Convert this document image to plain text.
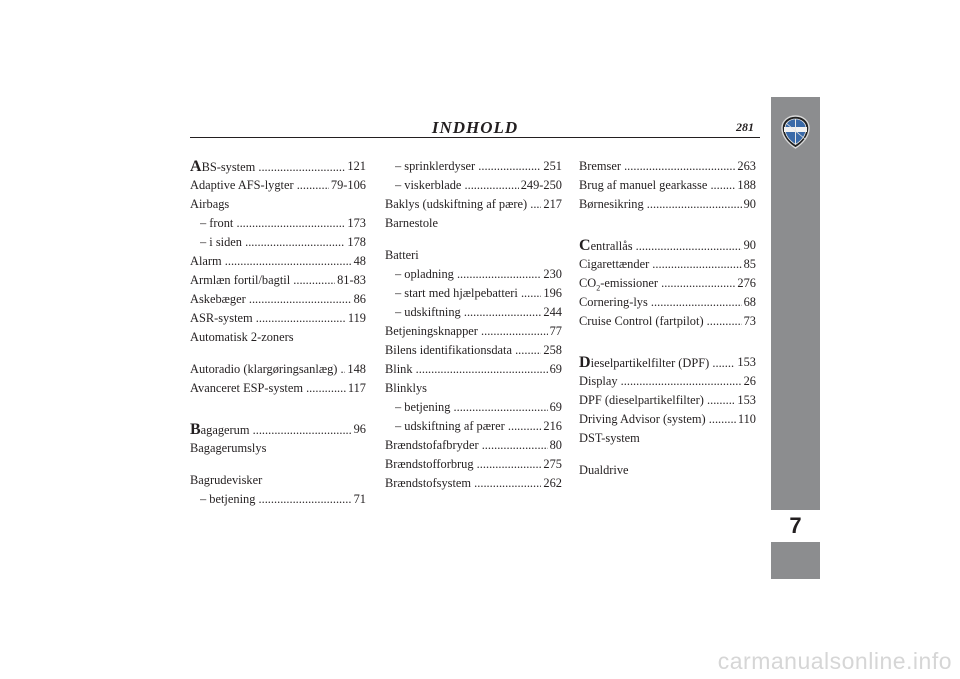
INDHOLD	281
ABS-system .....	121
Adaptive AFS-lygter .....	79-106
Airbags
– front .....	173
– i siden .....	178
Alarm .....	48
Armlæn fortil/bagtil .....	81-83
Askebæger .....	86
ASR-system .....	119
Automatisk 2-zoners
Autoradio (klargøringsanlæg) ..... 148
Avanceret ESP-system .....	117
Bagagerum .....	96
Bagagerumslys
Bagrudevisker
– betjening .....	71
– sprinklerdyser .....	251
– viskerblade .....	249-250
Baklys (udskiftning af pære) .....	217
Barnestole
Batteri
– opladning .....	230
– start med hjælpebatteri .....	196
– udskiftning .....	244
Betjeningsknapper .....	77
Bilens identifikationsdata .....	258
Blink .....	69
Blinklys
– betjening .....	69
– udskiftning af pærer .....	216
Brændstofafbryder .....	80
Brændstofforbrug .....	275
Brændstofsystem .....	262
Bremser .....	263
Brug af manuel gearkasse .....	188
Børnesikring .....	90
Centrallås .....	90
Cigarettænder .....	85
$CO_2$-emissioner .....	276
Cornering-lys .....	68
Cruise Control (fartpilot) .....	73
Dieselpartikelfilter (DPF) .....	153
Display .....	26
DPF (dieselpartikelfilter) .....	153
Driving Advisor (system) .....	110
DST-system
Dualdrive
7
carmanualsonline.info
